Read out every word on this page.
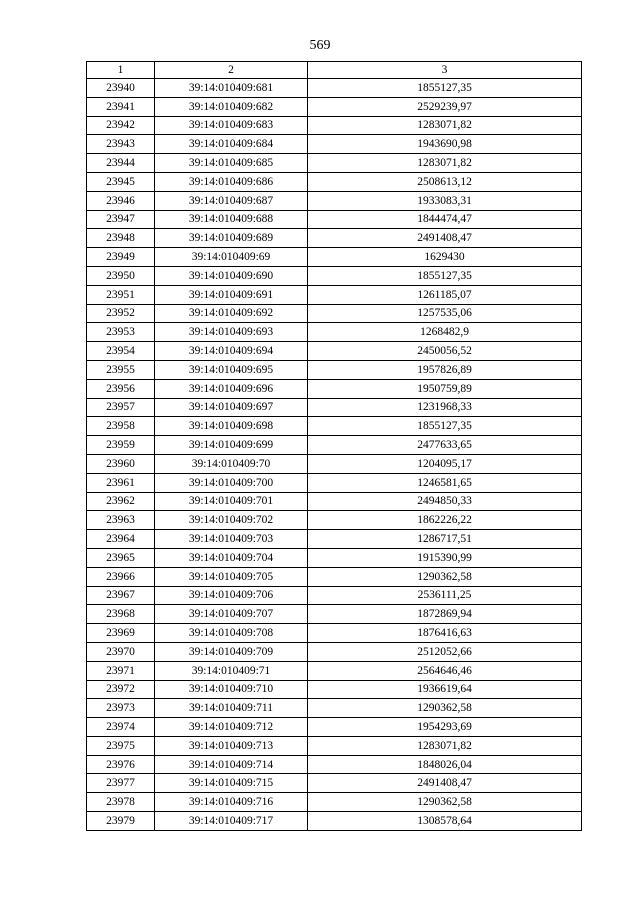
569
1	2	3
23940	39:14:010409:681	1855127,35
23941	39:14:010409:682	2529239,97
23942	39:14:010409:683	1283071,82
23943	39:14:010409:684	1943690,98
23944	39:14:010409:685	1283071,82
23945	39:14:010409:686	2508613,12
23946	39:14:010409:687	1933083,31
23947	39:14:010409:688	1844474,47
23948	39:14:010409:689	2491408,47
23949	39:14:010409:69	1629430
23950	39:14:010409:690	1855127,35
23951	39:14:010409:691	1261185,07
23952	39:14:010409:692	1257535,06
23953	39:14:010409:693	1268482,9
23954	39:14:010409:694	2450056,52
23955	39:14:010409:695	1957826,89
23956	39:14:010409:696	1950759,89
23957	39:14:010409:697	1231968,33
23958	39:14:010409:698	1855127,35
23959	39:14:010409:699	2477633,65
23960	39:14:010409:70	1204095,17
23961	39:14:010409:700	1246581,65
23962	39:14:010409:701	2494850,33
23963	39:14:010409:702	1862226,22
23964	39:14:010409:703	1286717,51
23965	39:14:010409:704	1915390,99
23966	39:14:010409:705	1290362,58
23967	39:14:010409:706	2536111,25
23968	39:14:010409:707	1872869,94
23969	39:14:010409:708	1876416,63
23970	39:14:010409:709	2512052,66
23971	39:14:010409:71	2564646,46
23972	39:14:010409:710	1936619,64
23973	39:14:010409:711	1290362,58
23974	39:14:010409:712	1954293,69
23975	39:14:010409:713	1283071,82
23976	39:14:010409:714	1848026,04
23977	39:14:010409:715	2491408,47
23978	39:14:010409:716	1290362,58
23979	39:14:010409:717	1308578,64
